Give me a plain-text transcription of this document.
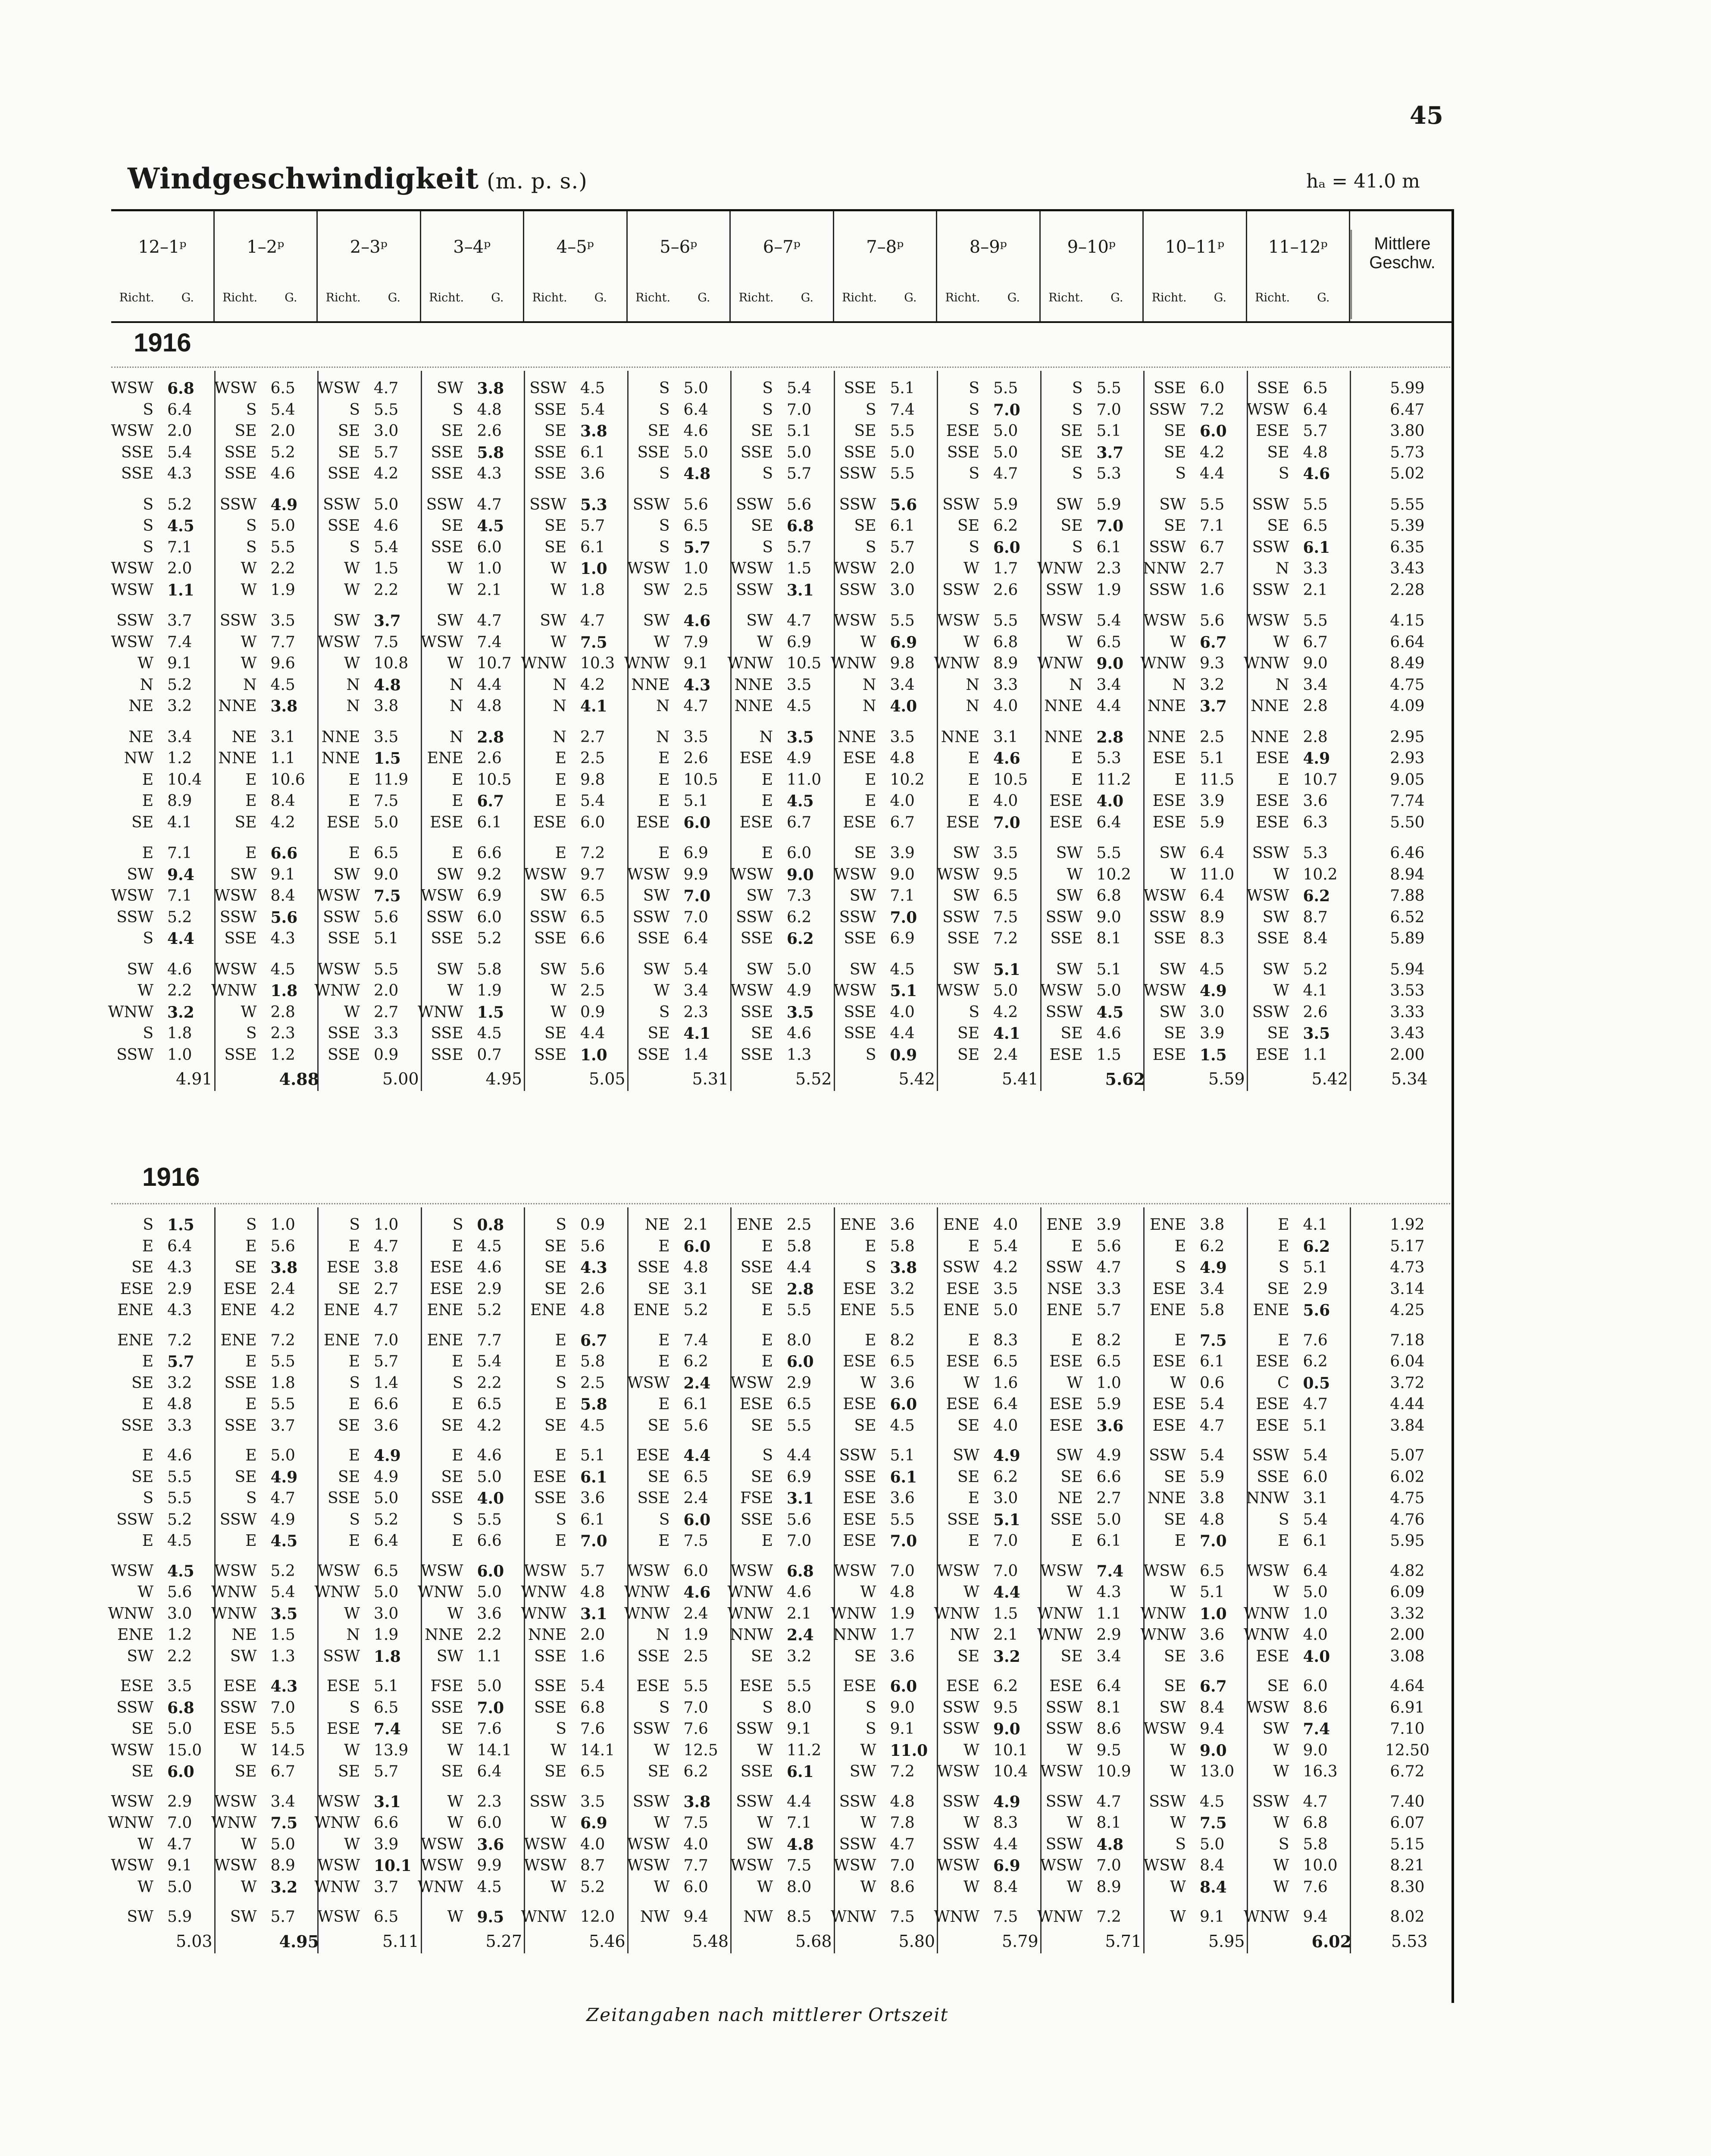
45
Windgeschwindigkeit (m. p. s.)	hₐ = 41.0 m
12–1ᵖ
Richt.	G.
1–2ᵖ
Richt.	G.
2–3ᵖ
Richt.	G.
3–4ᵖ
Richt.	G.
4–5ᵖ
Richt.	G.
5–6ᵖ
Richt.	G.
6–7ᵖ
Richt.	G.
7–8ᵖ
Richt.	G.
8–9ᵖ
Richt.	G.
9–10ᵖ
Richt.	G.
10–11ᵖ
Richt.	G.
11–12ᵖ
Richt.	G.
Mittlere Geschw.
1916
WSW 6.8	WSW 6.5	WSW 4.7	SW 3.8	SSW 4.5	S 5.0	S 5.4	SSE 5.1	S 5.5	S 5.5	SSE 6.0	SSE 6.5	5.99
S 6.4	S 5.4	S 5.5	S 4.8	SSE 5.4	S 6.4	S 7.0	S 7.4	S 7.0	S 7.0	SSW 7.2	WSW 6.4	6.47
WSW 2.0	SE 2.0	SE 3.0	SE 2.6	SE 3.8	SE 4.6	SE 5.1	SE 5.5	ESE 5.0	SE 5.1	SE 6.0	ESE 5.7	3.80
SSE 5.4	SSE 5.2	SE 5.7	SSE 5.8	SSE 6.1	SSE 5.0	SSE 5.0	SSE 5.0	SSE 5.0	SE 3.7	SE 4.2	SE 4.8	5.73
SSE 4.3	SSE 4.6	SSE 4.2	SSE 4.3	SSE 3.6	S 4.8	S 5.7	SSW 5.5	S 4.7	S 5.3	S 4.4	S 4.6	5.02
S 5.2	SSW 4.9	SSW 5.0	SSW 4.7	SSW 5.3	SSW 5.6	SSW 5.6	SSW 5.6	SSW 5.9	SW 5.9	SW 5.5	SSW 5.5	5.55
S 4.5	S 5.0	SSE 4.6	SE 4.5	SE 5.7	S 6.5	SE 6.8	SE 6.1	SE 6.2	SE 7.0	SE 7.1	SE 6.5	5.39
S 7.1	S 5.5	S 5.4	SSE 6.0	SE 6.1	S 5.7	S 5.7	S 5.7	S 6.0	S 6.1	SSW 6.7	SSW 6.1	6.35
WSW 2.0	W 2.2	W 1.5	W 1.0	W 1.0	WSW 1.0	WSW 1.5	WSW 2.0	W 1.7	WNW 2.3	NNW 2.7	N 3.3	3.43
WSW 1.1	W 1.9	W 2.2	W 2.1	W 1.8	SW 2.5	SSW 3.1	SSW 3.0	SSW 2.6	SSW 1.9	SSW 1.6	SSW 2.1	2.28
SSW 3.7	SSW 3.5	SW 3.7	SW 4.7	SW 4.7	SW 4.6	SW 4.7	WSW 5.5	WSW 5.5	WSW 5.4	WSW 5.6	WSW 5.5	4.15
WSW 7.4	W 7.7	WSW 7.5	WSW 7.4	W 7.5	W 7.9	W 6.9	W 6.9	W 6.8	W 6.5	W 6.7	W 6.7	6.64
W 9.1	W 9.6	W 10.8	W 10.7 WNW 10.3 WNW 9.1	WNW 10.5 WNW 9.8	WNW 8.9	WNW 9.0	WNW 9.3	WNW 9.0	8.49
N 5.2	N 4.5	N 4.8	N 4.4	N 4.2	NNE 4.3	NNE 3.5	N 3.4	N 3.3	N 3.4	N 3.2	N 3.4	4.75
NE 3.2	NNE 3.8	N 3.8	N 4.8	N 4.1	N 4.7	NNE 4.5	N 4.0	N 4.0	NNE 4.4	NNE 3.7	NNE 2.8	4.09
NE 3.4	NE 3.1	NNE 3.5	N 2.8	N 2.7	N 3.5	N 3.5	NNE 3.5	NNE 3.1	NNE 2.8	NNE 2.5	NNE 2.8	2.95
NW 1.2	NNE 1.1	NNE 1.5	ENE 2.6	E 2.5	E 2.6	ESE 4.9	ESE 4.8	E 4.6	E 5.3	ESE 5.1	ESE 4.9	2.93
E 10.4	E 10.6	E 11.9	E 10.5	E 9.8	E 10.5	E 11.0	E 10.2	E 10.5	E 11.2	E 11.5	E 10.7	9.05
E 8.9	E 8.4	E 7.5	E 6.7	E 5.4	E 5.1	E 4.5	E 4.0	E 4.0	ESE 4.0	ESE 3.9	ESE 3.6	7.74
SE 4.1	SE 4.2	ESE 5.0	ESE 6.1	ESE 6.0	ESE 6.0	ESE 6.7	ESE 6.7	ESE 7.0	ESE 6.4	ESE 5.9	ESE 6.3	5.50
E 7.1	E 6.6	E 6.5	E 6.6	E 7.2	E 6.9	E 6.0	SE 3.9	SW 3.5	SW 5.5	SW 6.4	SSW 5.3	6.46
SW 9.4	SW 9.1	SW 9.0	SW 9.2	WSW 9.7	WSW 9.9	WSW 9.0	WSW 9.0	WSW 9.5	W 10.2	W 11.0	W 10.2	8.94
WSW 7.1	WSW 8.4	WSW 7.5	WSW 6.9	SW 6.5	SW 7.0	SW 7.3	SW 7.1	SW 6.5	SW 6.8	WSW 6.4	WSW 6.2	7.88
SSW 5.2	SSW 5.6	SSW 5.6	SSW 6.0	SSW 6.5	SSW 7.0	SSW 6.2	SSW 7.0	SSW 7.5	SSW 9.0	SSW 8.9	SW 8.7	6.52
S 4.4	SSE 4.3	SSE 5.1	SSE 5.2	SSE 6.6	SSE 6.4	SSE 6.2	SSE 6.9	SSE 7.2	SSE 8.1	SSE 8.3	SSE 8.4	5.89
SW 4.6	WSW 4.5	WSW 5.5	SW 5.8	SW 5.6	SW 5.4	SW 5.0	SW 4.5	SW 5.1	SW 5.1	SW 4.5	SW 5.2	5.94
W 2.2	WNW 1.8	WNW 2.0	W 1.9	W 2.5	W 3.4	WSW 4.9	WSW 5.1	WSW 5.0	WSW 5.0	WSW 4.9	W 4.1	3.53
WNW 3.2	W 2.8	W 2.7	WNW 1.5	W 0.9	S 2.3	SSE 3.5	SSE 4.0	S 4.2	SSW 4.5	SW 3.0	SSW 2.6	3.33
S 1.8	S 2.3	SSE 3.3	SSE 4.5	SE 4.4	SE 4.1	SE 4.6	SSE 4.4	SE 4.1	SE 4.6	SE 3.9	SE 3.5	3.43
SSW 1.0	SSE 1.2	SSE 0.9	SSE 0.7	SSE 1.0	SSE 1.4	SSE 1.3	S 0.9	SE 2.4	ESE 1.5	ESE 1.5	ESE 1.1	2.00
4.91	4.88	5.00	4.95	5.05	5.31	5.52	5.42	5.41	5.62	5.59	5.42	5.34
1916
S 1.5	S 1.0	S 1.0	S 0.8	S 0.9	NE 2.1	ENE 2.5	ENE 3.6	ENE 4.0	ENE 3.9	ENE 3.8	E 4.1	1.92
E 6.4	E 5.6	E 4.7	E 4.5	SE 5.6	E 6.0	E 5.8	E 5.8	E 5.4	E 5.6	E 6.2	E 6.2	5.17
SE 4.3	SE 3.8	ESE 3.8	ESE 4.6	SE 4.3	SSE 4.8	SSE 4.4	S 3.8	SSW 4.2	SSW 4.7	S 4.9	S 5.1	4.73
ESE 2.9	ESE 2.4	SE 2.7	ESE 2.9	SE 2.6	SE 3.1	SE 2.8	ESE 3.2	ESE 3.5	NSE 3.3	ESE 3.4	SE 2.9	3.14
ENE 4.3	ENE 4.2	ENE 4.7	ENE 5.2	ENE 4.8	ENE 5.2	E 5.5	ENE 5.5	ENE 5.0	ENE 5.7	ENE 5.8	ENE 5.6	4.25
ENE 7.2	ENE 7.2	ENE 7.0	ENE 7.7	E 6.7	E 7.4	E 8.0	E 8.2	E 8.3	E 8.2	E 7.5	E 7.6	7.18
E 5.7	E 5.5	E 5.7	E 5.4	E 5.8	E 6.2	E 6.0	ESE 6.5	ESE 6.5	ESE 6.5	ESE 6.1	ESE 6.2	6.04
SE 3.2	SSE 1.8	S 1.4	S 2.2	S 2.5	WSW 2.4	WSW 2.9	W 3.6	W 1.6	W 1.0	W 0.6	C 0.5	3.72
E 4.8	E 5.5	E 6.6	E 6.5	E 5.8	E 6.1	ESE 6.5	ESE 6.0	ESE 6.4	ESE 5.9	ESE 5.4	ESE 4.7	4.44
SSE 3.3	SSE 3.7	SE 3.6	SE 4.2	SE 4.5	SE 5.6	SE 5.5	SE 4.5	SE 4.0	ESE 3.6	ESE 4.7	ESE 5.1	3.84
E 4.6	E 5.0	E 4.9	E 4.6	E 5.1	ESE 4.4	S 4.4	SSW 5.1	SW 4.9	SW 4.9	SSW 5.4	SSW 5.4	5.07
SE 5.5	SE 4.9	SE 4.9	SE 5.0	ESE 6.1	SE 6.5	SE 6.9	SSE 6.1	SE 6.2	SE 6.6	SE 5.9	SSE 6.0	6.02
S 5.5	S 4.7	SSE 5.0	SSE 4.0	SSE 3.6	SSE 2.4	FSE 3.1	ESE 3.6	E 3.0	NE 2.7	NNE 3.8	NNW 3.1	4.75
SSW 5.2	SSW 4.9	S 5.2	S 5.5	S 6.1	S 6.0	SSE 5.6	ESE 5.5	SSE 5.1	SSE 5.0	SE 4.8	S 5.4	4.76
E 4.5	E 4.5	E 6.4	E 6.6	E 7.0	E 7.5	E 7.0	ESE 7.0	E 7.0	E 6.1	E 7.0	E 6.1	5.95
WSW 4.5	WSW 5.2	WSW 6.5	WSW 6.0	WSW 5.7	WSW 6.0	WSW 6.8	WSW 7.0	WSW 7.0	WSW 7.4	WSW 6.5	WSW 6.4	4.82
W 5.6	WNW 5.4	WNW 5.0	WNW 5.0	WNW 4.8	WNW 4.6	WNW 4.6	W 4.8	W 4.4	W 4.3	W 5.1	W 5.0	6.09
WNW 3.0	WNW 3.5	W 3.0	W 3.6	WNW 3.1	WNW 2.4	WNW 2.1	WNW 1.9	WNW 1.5	WNW 1.1	WNW 1.0	WNW 1.0	3.32
ENE 1.2	NE 1.5	N 1.9	NNE 2.2	NNE 2.0	N 1.9	NNW 2.4	NNW 1.7	NW 2.1	WNW 2.9	WNW 3.6	WNW 4.0	2.00
SW 2.2	SW 1.3	SSW 1.8	SW 1.1	SSE 1.6	SSE 2.5	SE 3.2	SE 3.6	SE 3.2	SE 3.4	SE 3.6	ESE 4.0	3.08
ESE 3.5	ESE 4.3	ESE 5.1	FSE 5.0	SSE 5.4	ESE 5.5	ESE 5.5	ESE 6.0	ESE 6.2	ESE 6.4	SE 6.7	SE 6.0	4.64
SSW 6.8	SSW 7.0	S 6.5	SSE 7.0	SSE 6.8	S 7.0	S 8.0	S 9.0	SSW 9.5	SSW 8.1	SW 8.4	WSW 8.6	6.91
SE 5.0	ESE 5.5	ESE 7.4	SE 7.6	S 7.6	SSW 7.6	SSW 9.1	S 9.1	SSW 9.0	SSW 8.6	WSW 9.4	SW 7.4	7.10
WSW 15.0	W 14.5	W 13.9	W 14.1	W 14.1	W 12.5	W 11.2	W 11.0	W 10.1	W 9.5	W 9.0	W 9.0	12.50
SE 6.0	SE 6.7	SE 5.7	SE 6.4	SE 6.5	SE 6.2	SSE 6.1	SW 7.2	WSW 10.4 WSW 10.9	W 13.0	W 16.3	6.72
WSW 2.9	WSW 3.4	WSW 3.1	W 2.3	SSW 3.5	SSW 3.8	SSW 4.4	SSW 4.8	SSW 4.9	SSW 4.7	SSW 4.5	SSW 4.7	7.40
WNW 7.0	WNW 7.5	WNW 6.6	W 6.0	W 6.9	W 7.5	W 7.1	W 7.8	W 8.3	W 8.1	W 7.5	W 6.8	6.07
W 4.7	W 5.0	W 3.9	WSW 3.6	WSW 4.0	WSW 4.0	SW 4.8	SSW 4.7	SSW 4.4	SSW 4.8	S 5.0	S 5.8	5.15
WSW 9.1	WSW 8.9	WSW 10.1 WSW 9.9	WSW 8.7	WSW 7.7	WSW 7.5	WSW 7.0	WSW 6.9	WSW 7.0	WSW 8.4	W 10.0	8.21
W 5.0	W 3.2	WNW 3.7	WNW 4.5	W 5.2	W 6.0	W 8.0	W 8.6	W 8.4	W 8.9	W 8.4	W 7.6	8.30
SW 5.9	SW 5.7	WSW 6.5	W 9.5	WNW 12.0	NW 9.4	NW 8.5	WNW 7.5	WNW 7.5	WNW 7.2	W 9.1	WNW 9.4	8.02
5.03	4.95	5.11	5.27	5.46	5.48	5.68	5.80	5.79	5.71	5.95	6.02 5.53
Zeitangaben nach mittlerer Ortszeit
